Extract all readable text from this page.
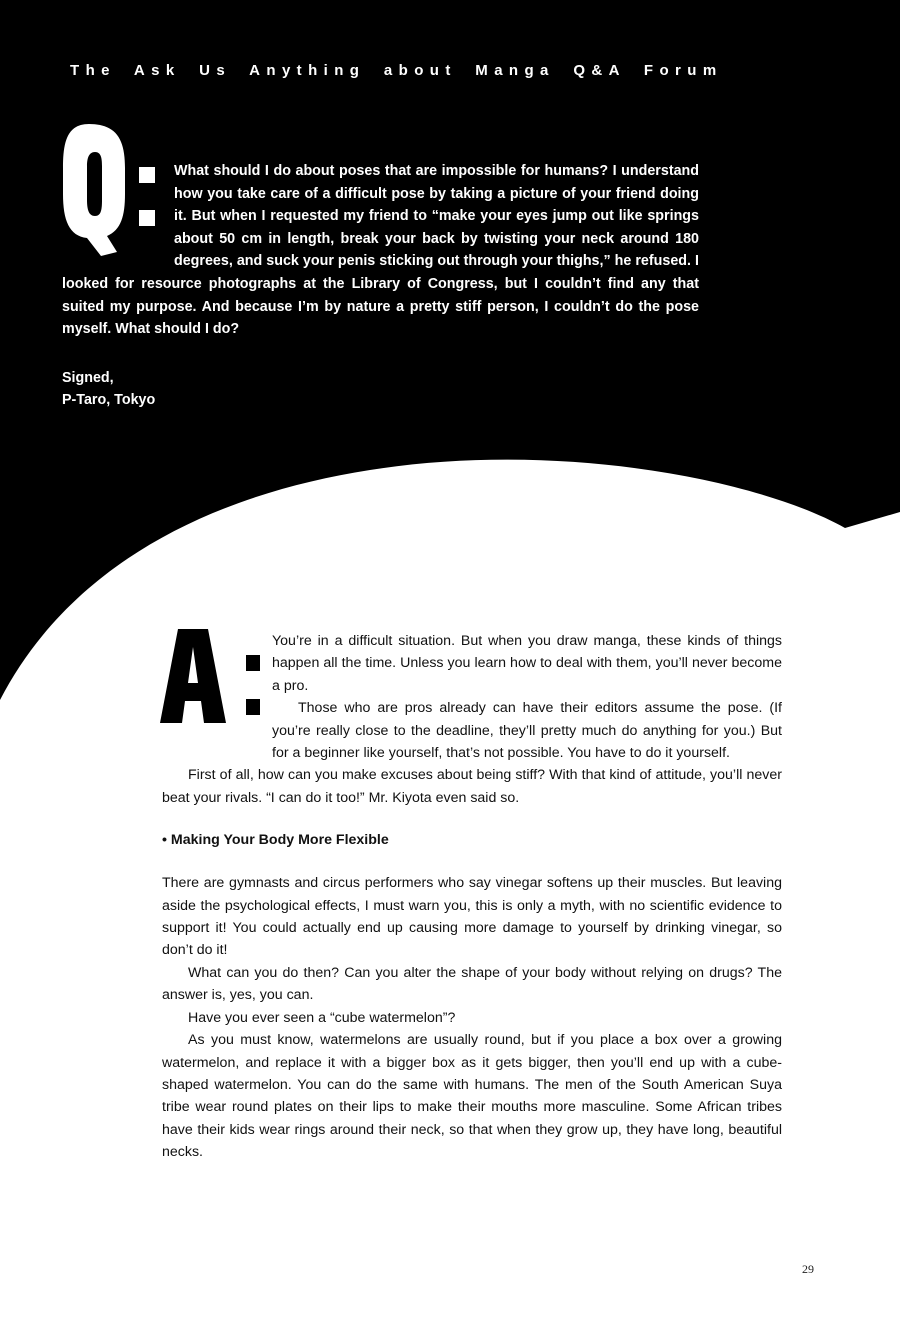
The Ask Us Anything about Manga Q&A Forum

What should I do about poses that are impossible for humans? I understand how you take care of a difficult pose by taking a picture of your friend doing it. But when I requested my friend to “make your eyes jump out like springs about 50 cm in length, break your back by twisting your neck around 180 degrees, and suck your penis sticking out through your thighs,” he refused. I looked for resource photographs at the Library of Congress, but I couldn’t find any that suited my purpose. And because I’m by nature a pretty stiff person, I couldn’t do the pose myself. What should I do?

Signed,
P-Taro, Tokyo

You’re in a difficult situation. But when you draw manga, these kinds of things happen all the time. Unless you learn how to deal with them, you’ll never become a pro.

Those who are pros already can have their editors assume the pose. (If you’re really close to the deadline, they’ll pretty much do anything for you.) But for a beginner like yourself, that’s not possible. You have to do it yourself.

First of all, how can you make excuses about being stiff? With that kind of attitude, you’ll never beat your rivals. “I can do it too!” Mr. Kiyota even said so.

• Making Your Body More Flexible

There are gymnasts and circus performers who say vinegar softens up their muscles. But leaving aside the psychological effects, I must warn you, this is only a myth, with no scientific evidence to support it! You could actually end up causing more damage to yourself by drinking vinegar, so don’t do it!

What can you do then? Can you alter the shape of your body without relying on drugs? The answer is, yes, you can.

Have you ever seen a “cube watermelon”?

As you must know, watermelons are usually round, but if you place a box over a growing watermelon, and replace it with a bigger box as it gets bigger, then you’ll end up with a cube-shaped watermelon. You can do the same with humans. The men of the South American Suya tribe wear round plates on their lips to make their mouths more masculine. Some African tribes have their kids wear rings around their neck, so that when they grow up, they have long, beautiful necks.

29
